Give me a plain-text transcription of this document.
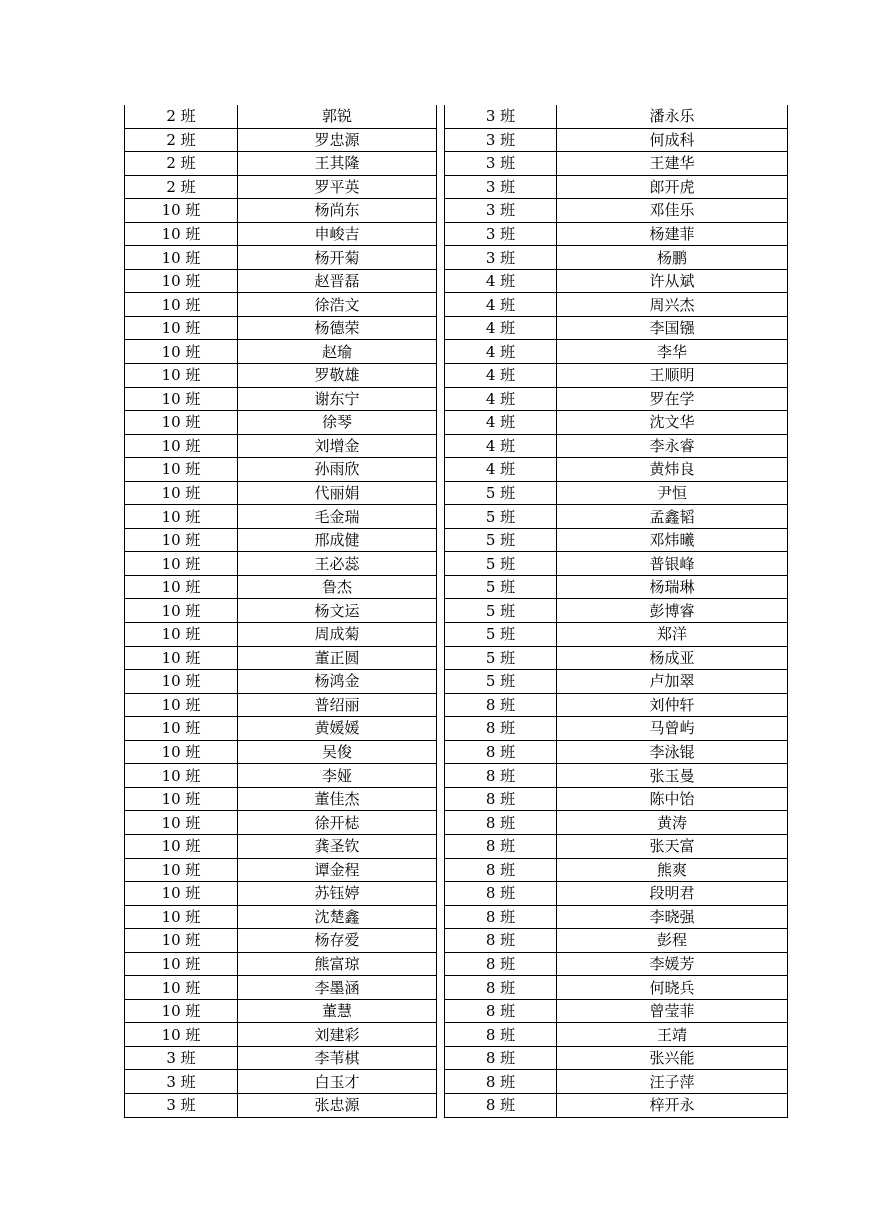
2 班	郭锐
2 班	罗忠源
2 班	王其隆
2 班	罗平英
10 班	杨尚东
10 班	申峻吉
10 班	杨开菊
10 班	赵晋磊
10 班	徐浩文
10 班	杨德荣
10 班	赵瑜
10 班	罗敬雄
10 班	谢东宁
10 班	徐琴
10 班	刘增金
10 班	孙雨欣
10 班	代丽娟
10 班	毛金瑞
10 班	邢成健
10 班	王必蕊
10 班	鲁杰
10 班	杨文运
10 班	周成菊
10 班	董正圆
10 班	杨鸿金
10 班	普绍丽
10 班	黄媛媛
10 班	吴俊
10 班	李娅
10 班	董佳杰
10 班	徐开梽
10 班	龚圣钦
10 班	谭金程
10 班	苏钰婷
10 班	沈楚鑫
10 班	杨存爱
10 班	熊富琼
10 班	李墨涵
10 班	董慧
10 班	刘建彩
3 班	李苇棋
3 班	白玉才
3 班	张忠源
3 班	潘永乐
3 班	何成科
3 班	王建华
3 班	郎开虎
3 班	邓佳乐
3 班	杨建菲
3 班	杨鹏
4 班	许从斌
4 班	周兴杰
4 班	李国镪
4 班	李华
4 班	王顺明
4 班	罗在学
4 班	沈文华
4 班	李永睿
4 班	黄炜良
5 班	尹恒
5 班	孟鑫韬
5 班	邓炜曦
5 班	普银峰
5 班	杨瑞琳
5 班	彭博睿
5 班	郑洋
5 班	杨成亚
5 班	卢加翠
8 班	刘仲轩
8 班	马曾屿
8 班	李泳锟
8 班	张玉曼
8 班	陈中饴
8 班	黄涛
8 班	张天富
8 班	熊爽
8 班	段明君
8 班	李晓强
8 班	彭程
8 班	李媛芳
8 班	何晓兵
8 班	曾莹菲
8 班	王靖
8 班	张兴能
8 班	汪子萍
8 班	梓开永
